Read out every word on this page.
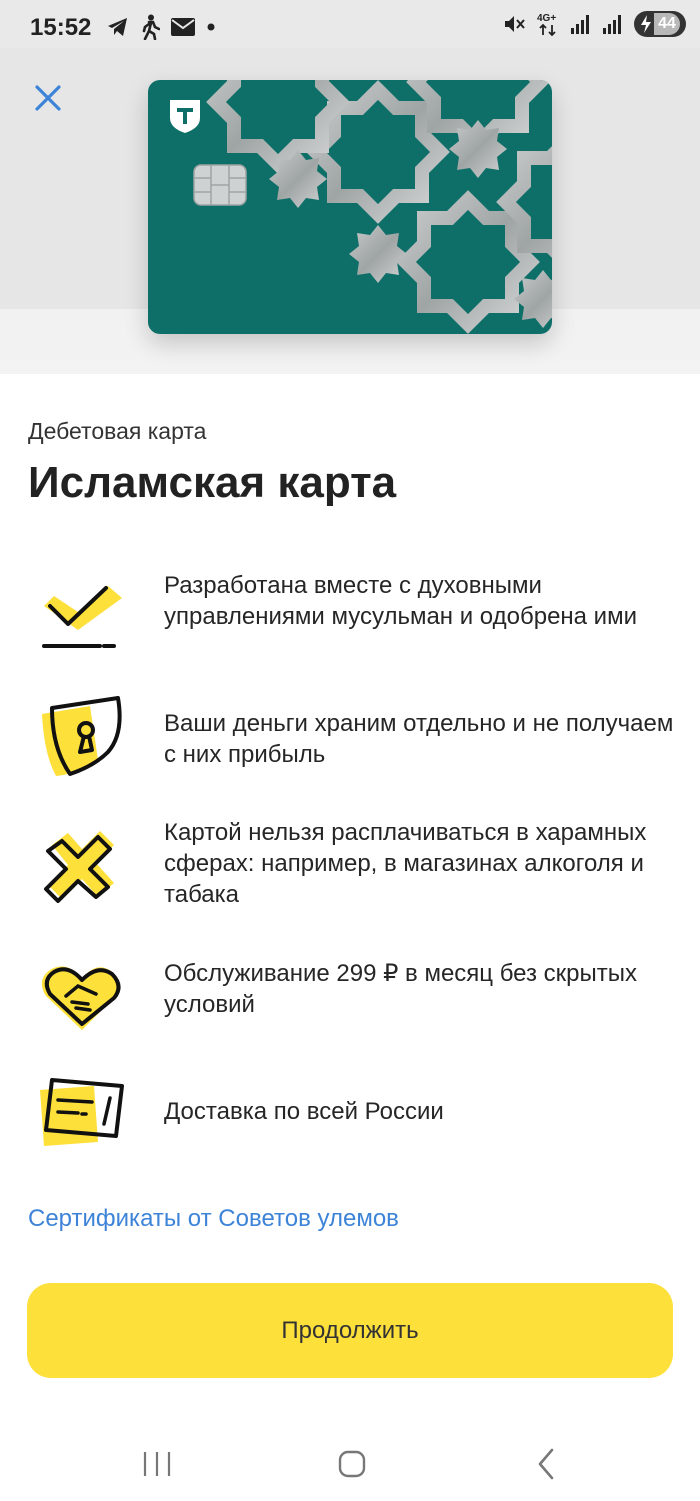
15:52	4G+	44
Дебетовая карта
Исламская карта
Разработана вместе с духовными управлениями мусульман и одобрена ими
Ваши деньги храним отдельно и не получаем с них прибыль
Картой нельзя расплачиваться в харамных сферах: например, в магазинах алкоголя и табака
Обслуживание 299 ₽ в месяц без скрытых условий
Доставка по всей России
Сертификаты от Советов улемов
Продолжить
